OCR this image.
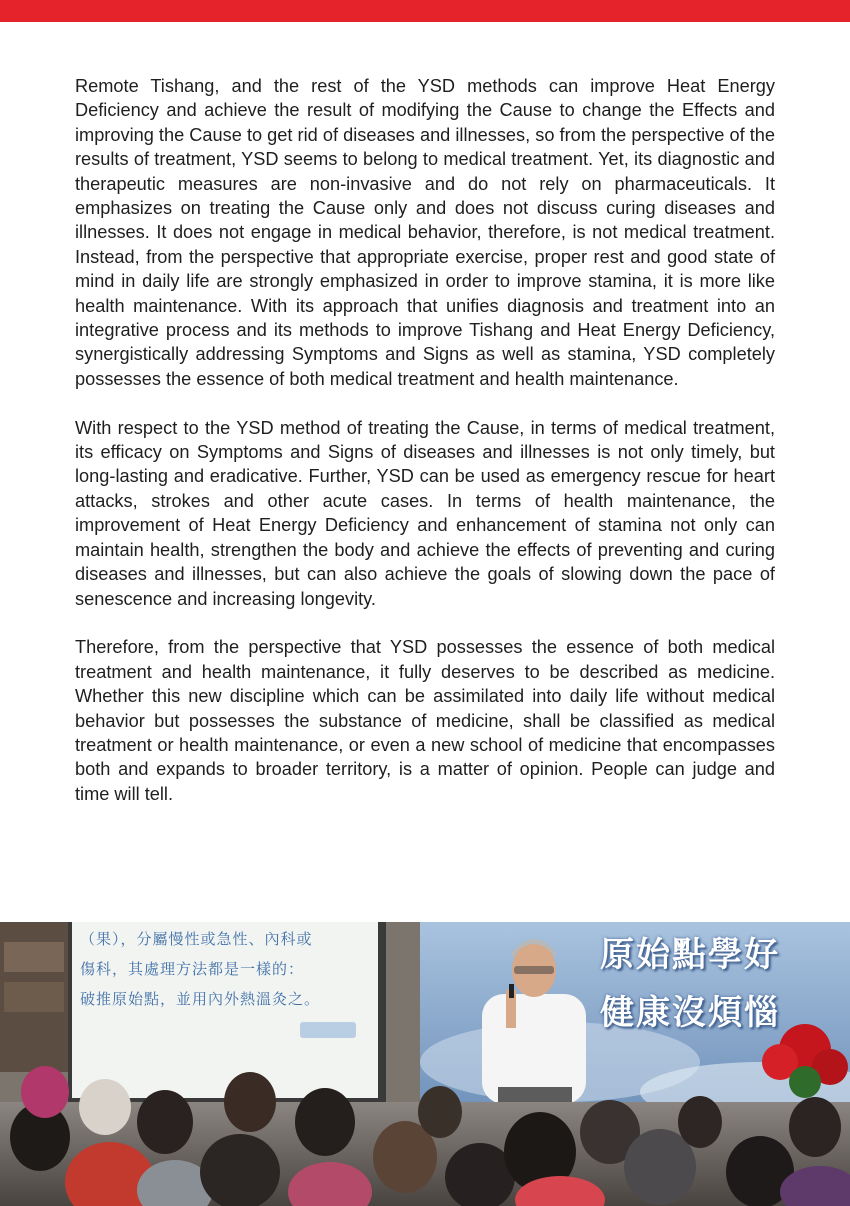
Remote Tishang, and the rest of the YSD methods can improve Heat Energy Deficiency and achieve the result of modifying the Cause to change the Effects and improving the Cause to get rid of diseases and illnesses, so from the perspective of the results of treatment, YSD seems to belong to medical treatment. Yet, its diagnostic and therapeutic measures are non-invasive and do not rely on pharmaceuticals. It emphasizes on treating the Cause only and does not discuss curing diseases and illnesses. It does not engage in medical behavior, therefore, is not medical treatment. Instead, from the perspective that appropriate exercise, proper rest and good state of mind in daily life are strongly emphasized in order to improve stamina, it is more like health maintenance. With its approach that unifies diagnosis and treatment into an integrative process and its methods to improve Tishang and Heat Energy Deficiency, synergistically addressing Symptoms and Signs as well as stamina, YSD completely possesses the essence of both medical treatment and health maintenance.

With respect to the YSD method of treating the Cause, in terms of medical treatment, its efficacy on Symptoms and Signs of diseases and illnesses is not only timely, but long-lasting and eradicative. Further, YSD can be used as emergency rescue for heart attacks, strokes and other acute cases. In terms of health maintenance, the improvement of Heat Energy Deficiency and enhancement of stamina not only can maintain health, strengthen the body and achieve the effects of preventing and curing diseases and illnesses, but can also achieve the goals of slowing down the pace of senescence and increasing longevity.

Therefore, from the perspective that YSD possesses the essence of both medical treatment and health maintenance, it fully deserves to be described as medicine. Whether this new discipline which can be assimilated into daily life without medical behavior but possesses the substance of medicine, shall be classified as medical treatment or health maintenance, or even a new school of medicine that encompasses both and expands to broader territory, is a matter of opinion. People can judge and time will tell.

（果），分屬慢性或急性、內科或
傷科，其處理方法都是一樣的：
破推原始點，並用內外熱溫灸之。
原始點學好
健康沒煩惱
